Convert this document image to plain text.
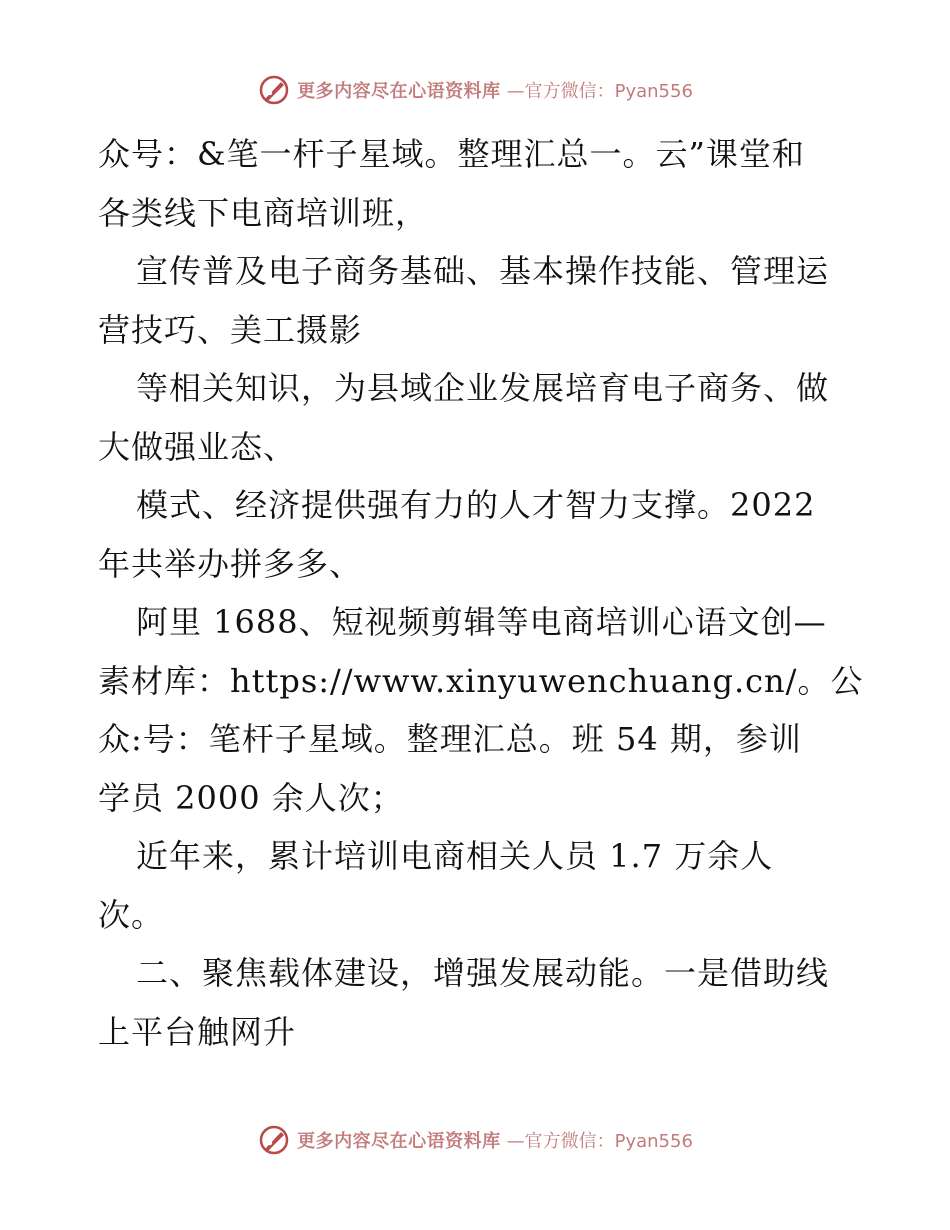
更多内容尽在心语资料库 —官方微信：Pyan556
众号：&笔一杆子星域。整理汇总一。云”课堂和
各类线下电商培训班，
宣传普及电子商务基础、基本操作技能、管理运
营技巧、美工摄影
等相关知识，为县域企业发展培育电子商务、做
大做强业态、
模式、经济提供强有力的人才智力支撑。2022
年共举办拼多多、
阿里 1688、短视频剪辑等电商培训心语文创—
素材库：https://www.xinyuwenchuang.cn/。公
众:号：笔杆子星域。整理汇总。班 54 期，参训
学员 2000 余人次；
近年来，累计培训电商相关人员 1.7 万余人
次。
二、聚焦载体建设，增强发展动能。一是借助线
上平台触网升
更多内容尽在心语资料库 —官方微信：Pyan556
